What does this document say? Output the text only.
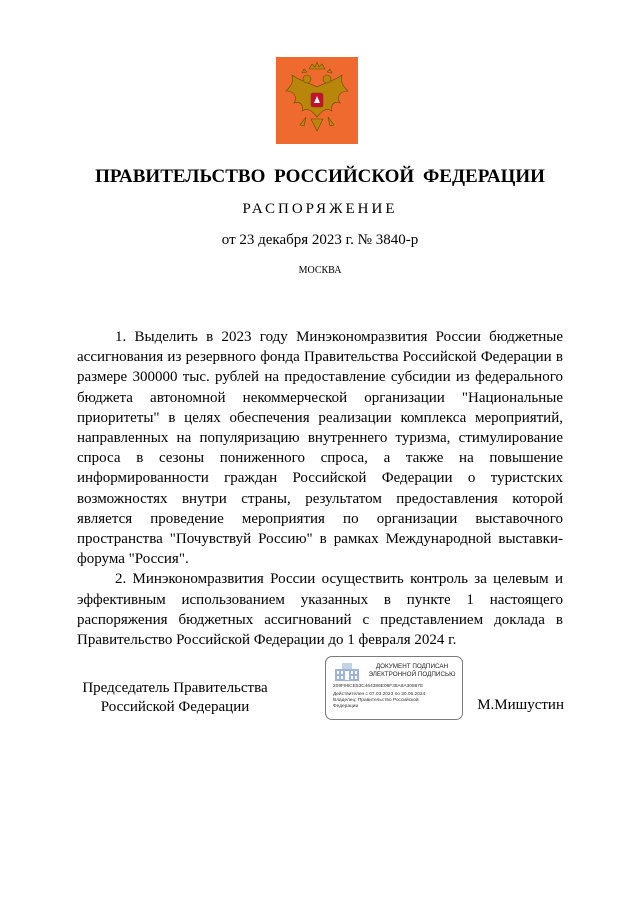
ПРАВИТЕЛЬСТВО РОССИЙСКОЙ ФЕДЕРАЦИИ
РАСПОРЯЖЕНИЕ
от 23 декабря 2023 г. № 3840-р
МОСКВА

1. Выделить в 2023 году Минэкономразвития России бюджетные ассигнования из резервного фонда Правительства Российской Федерации в размере 300000 тыс. рублей на предоставление субсидии из федерального бюджета автономной некоммерческой организации "Национальные приоритеты" в целях обеспечения реализации комплекса мероприятий, направленных на популяризацию внутреннего туризма, стимулирование спроса в сезоны пониженного спроса, а также на повышение информированности граждан Российской Федерации о туристских возможностях внутри страны, результатом предоставления которой является проведение мероприятия по организации выставочного пространства "Почувствуй Россию" в рамках Международной выставки-форума "Россия".

2. Минэкономразвития России осуществить контроль за целевым и эффективным использованием указанных в пункте 1 настоящего распоряжения бюджетных ассигнований с представлением доклада в Правительство Российской Федерации до 1 февраля 2024 г.

Председатель Правительства
Российской Федерации
ДОКУМЕНТ ПОДПИСАН
ЭЛЕКТРОННОЙ ПОДПИСЬЮ
209F96CE53C464386E08F38A8A30867E
Действителен с 07.03.2023 по 30.05.2024
Владелец: Правительство Российской Федерации	М.Мишустин
